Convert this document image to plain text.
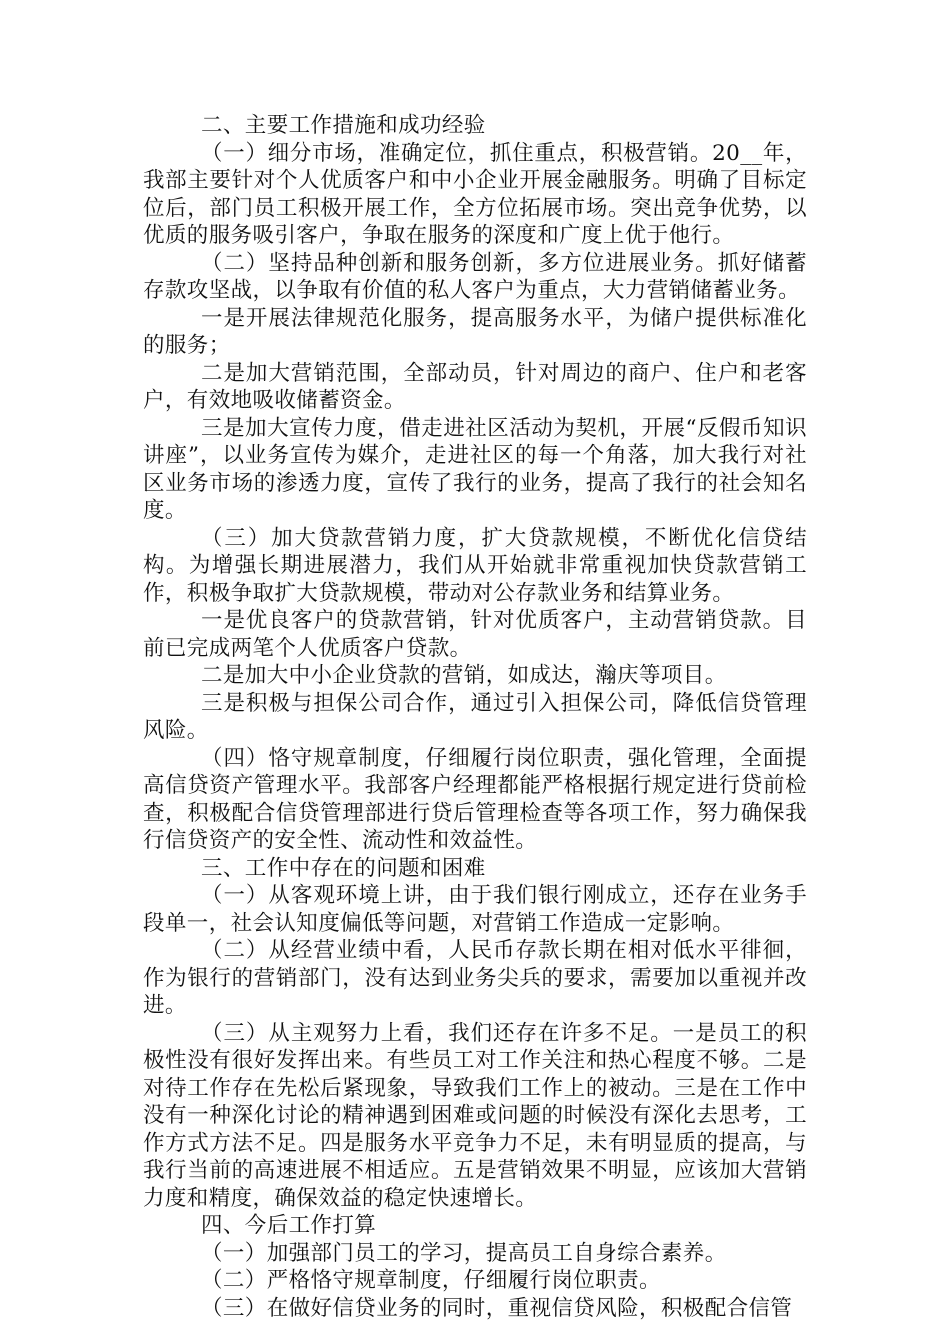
二、主要工作措施和成功经验

（一）细分市场，准确定位，抓住重点，积极营销。20__年，我部主要针对个人优质客户和中小企业开展金融服务。明确了目标定位后，部门员工积极开展工作，全方位拓展市场。突出竞争优势，以优质的服务吸引客户，争取在服务的深度和广度上优于他行。

（二）坚持品种创新和服务创新，多方位进展业务。抓好储蓄存款攻坚战，以争取有价值的私人客户为重点，大力营销储蓄业务。

一是开展法律规范化服务，提高服务水平，为储户提供标准化的服务；

二是加大营销范围，全部动员，针对周边的商户、住户和老客户，有效地吸收储蓄资金。

三是加大宣传力度，借走进社区活动为契机，开展“反假币知识讲座”，以业务宣传为媒介，走进社区的每一个角落，加大我行对社区业务市场的渗透力度，宣传了我行的业务，提高了我行的社会知名度。

（三）加大贷款营销力度，扩大贷款规模，不断优化信贷结构。为增强长期进展潜力，我们从开始就非常重视加快贷款营销工作，积极争取扩大贷款规模，带动对公存款业务和结算业务。

一是优良客户的贷款营销，针对优质客户，主动营销贷款。目前已完成两笔个人优质客户贷款。

二是加大中小企业贷款的营销，如成达，瀚庆等项目。

三是积极与担保公司合作，通过引入担保公司，降低信贷管理风险。

（四）恪守规章制度，仔细履行岗位职责，强化管理，全面提高信贷资产管理水平。我部客户经理都能严格根据行规定进行贷前检查，积极配合信贷管理部进行贷后管理检查等各项工作，努力确保我行信贷资产的安全性、流动性和效益性。

三、工作中存在的问题和困难

（一）从客观环境上讲，由于我们银行刚成立，还存在业务手段单一，社会认知度偏低等问题，对营销工作造成一定影响。

（二）从经营业绩中看，人民币存款长期在相对低水平徘徊，作为银行的营销部门，没有达到业务尖兵的要求，需要加以重视并改进。

（三）从主观努力上看，我们还存在许多不足。一是员工的积极性没有很好发挥出来。有些员工对工作关注和热心程度不够。二是对待工作存在先松后紧现象，导致我们工作上的被动。三是在工作中没有一种深化讨论的精神遇到困难或问题的时候没有深化去思考，工作方式方法不足。四是服务水平竞争力不足，未有明显质的提高，与我行当前的高速进展不相适应。五是营销效果不明显，应该加大营销力度和精度，确保效益的稳定快速增长。

四、今后工作打算

（一）加强部门员工的学习，提高员工自身综合素养。

（二）严格恪守规章制度，仔细履行岗位职责。

（三）在做好信贷业务的同时，重视信贷风险，积极配合信管
